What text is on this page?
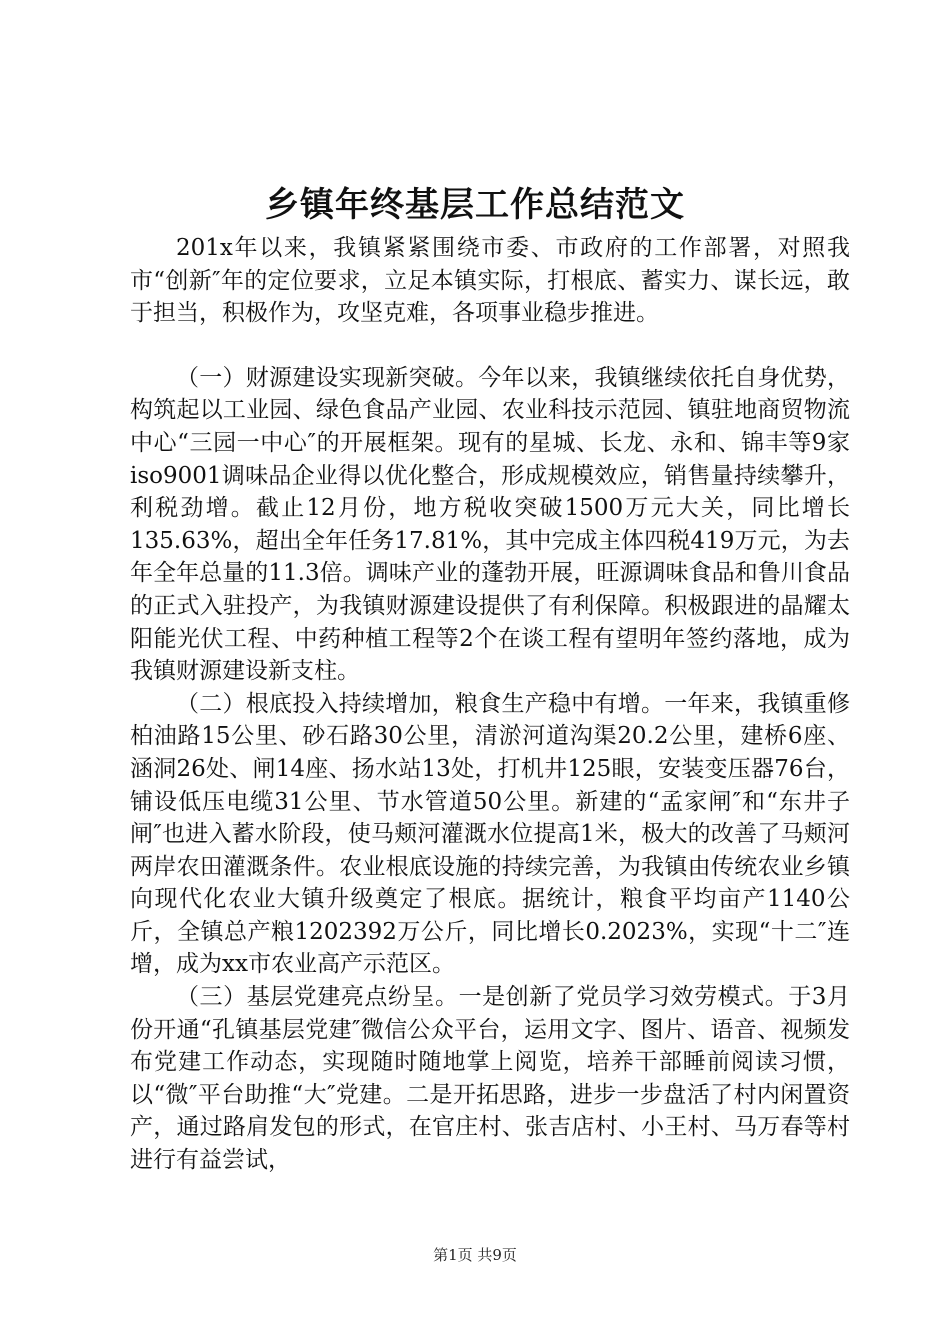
乡镇年终基层工作总结范文

201x年以来，我镇紧紧围绕市委、市政府的工作部署，对照我市“创新″年的定位要求，立足本镇实际，打根底、蓄实力、谋长远，敢于担当，积极作为，攻坚克难，各项事业稳步推进。

（一）财源建设实现新突破。今年以来，我镇继续依托自身优势，构筑起以工业园、绿色食品产业园、农业科技示范园、镇驻地商贸物流中心“三园一中心″的开展框架。现有的星城、长龙、永和、锦丰等9家iso9001调味品企业得以优化整合，形成规模效应，销售量持续攀升，利税劲增。截止12月份，地方税收突破1500万元大关，同比增长135.63%，超出全年任务17.81%，其中完成主体四税419万元，为去年全年总量的11.3倍。调味产业的蓬勃开展，旺源调味食品和鲁川食品的正式入驻投产，为我镇财源建设提供了有利保障。积极跟进的晶耀太阳能光伏工程、中药种植工程等2个在谈工程有望明年签约落地，成为我镇财源建设新支柱。

（二）根底投入持续增加，粮食生产稳中有增。一年来，我镇重修柏油路15公里、砂石路30公里，清淤河道沟渠20.2公里，建桥6座、涵洞26处、闸14座、扬水站13处，打机井125眼，安装变压器76台，铺设低压电缆31公里、节水管道50公里。新建的“孟家闸″和“东井子闸″也进入蓄水阶段，使马颊河灌溉水位提高1米，极大的改善了马颊河两岸农田灌溉条件。农业根底设施的持续完善，为我镇由传统农业乡镇向现代化农业大镇升级奠定了根底。据统计，粮食平均亩产1140公斤，全镇总产粮1202392万公斤，同比增长0.2023%，实现“十二″连增，成为xx市农业高产示范区。

（三）基层党建亮点纷呈。一是创新了党员学习效劳模式。于3月份开通“孔镇基层党建″微信公众平台，运用文字、图片、语音、视频发布党建工作动态，实现随时随地掌上阅览，培养干部睡前阅读习惯，以“微″平台助推“大″党建。二是开拓思路，进步一步盘活了村内闲置资产，通过路肩发包的形式，在官庄村、张吉店村、小王村、马万春等村进行有益尝试，

第1页 共9页
